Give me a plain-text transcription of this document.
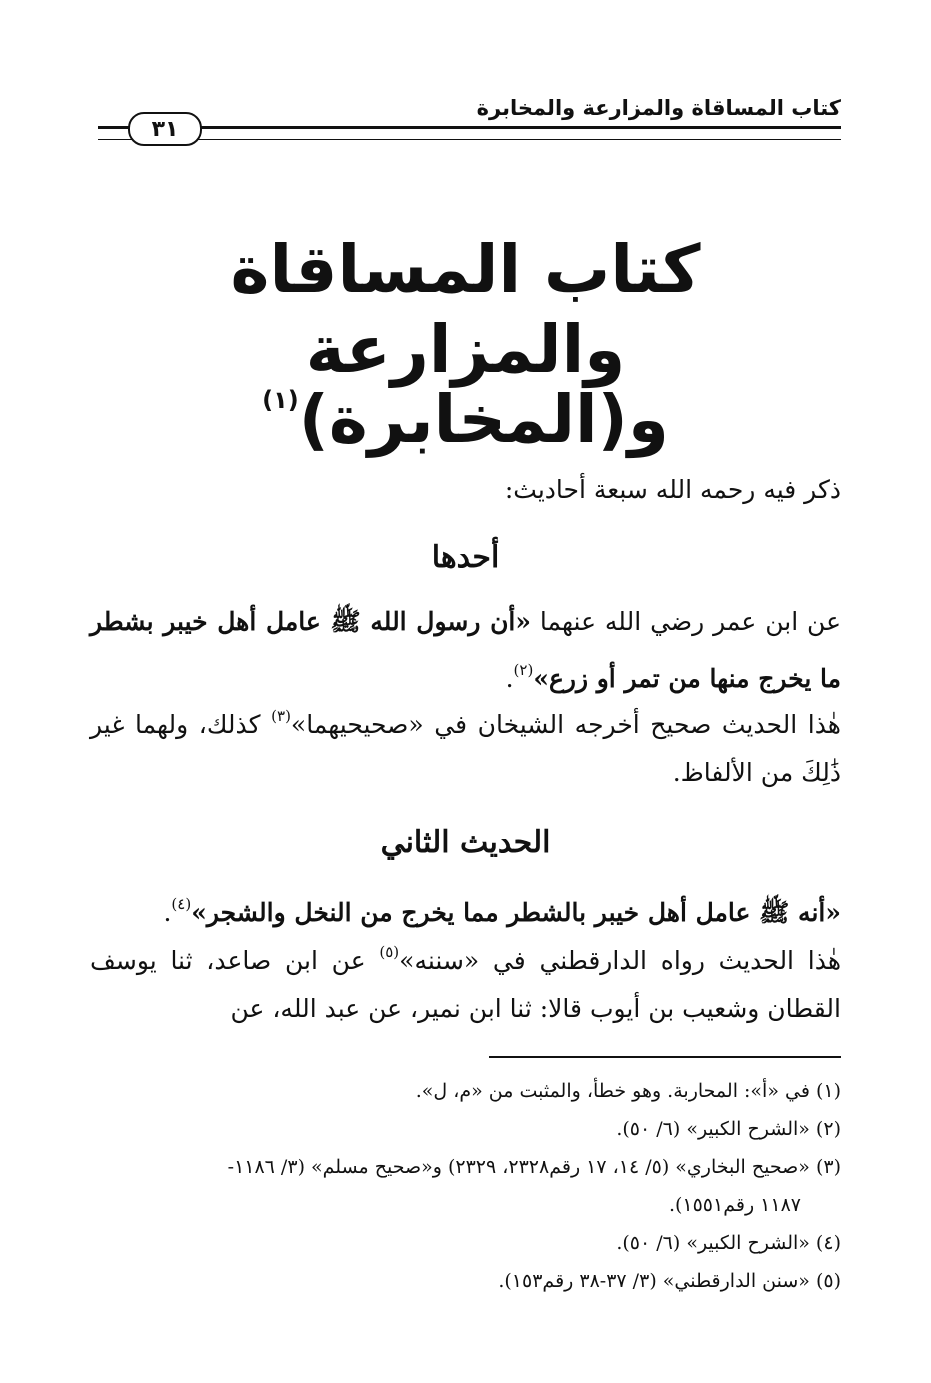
كتاب المساقاة والمزارعة والمخابرة
٣١
كتاب المساقاة والمزارعة
و(المخابرة)$^{(١)}$
ذكر فيه رحمه الله سبعة أحاديث:
أحدها
عن ابن عمر رضي الله عنهما «أن رسول الله ﷺ عامل أهل خيبر بشطر ما يخرج منها من تمر أو زرع»$^{(٢)}$.
هٰذا الحديث صحيح أخرجه الشيخان في «صحيحيهما»$^{(٣)}$ كذلك، ولهما غير ذَٰلِكَ من الألفاظ.
الحديث الثاني
«أنه ﷺ عامل أهل خيبر بالشطر مما يخرج من النخل والشجر»$^{(٤)}$.
هٰذا الحديث رواه الدارقطني في «سننه»$^{(٥)}$ عن ابن صاعد، ثنا يوسف القطان وشعيب بن أيوب قالا: ثنا ابن نمير، عن عبد الله، عن
(١) في «أ»: المحاربة. وهو خطأ، والمثبت من «م، ل».
(٢) «الشرح الكبير» (٦/ ٥٠).
(٣) «صحيح البخاري» (٥/ ١٤، ١٧ رقم٢٣٢٨، ٢٣٢٩) و«صحيح مسلم» (٣/ ١١٨٦-
١١٨٧ رقم١٥٥١).
(٤) «الشرح الكبير» (٦/ ٥٠).
(٥) «سنن الدارقطني» (٣/ ٣٧-٣٨ رقم١٥٣).
